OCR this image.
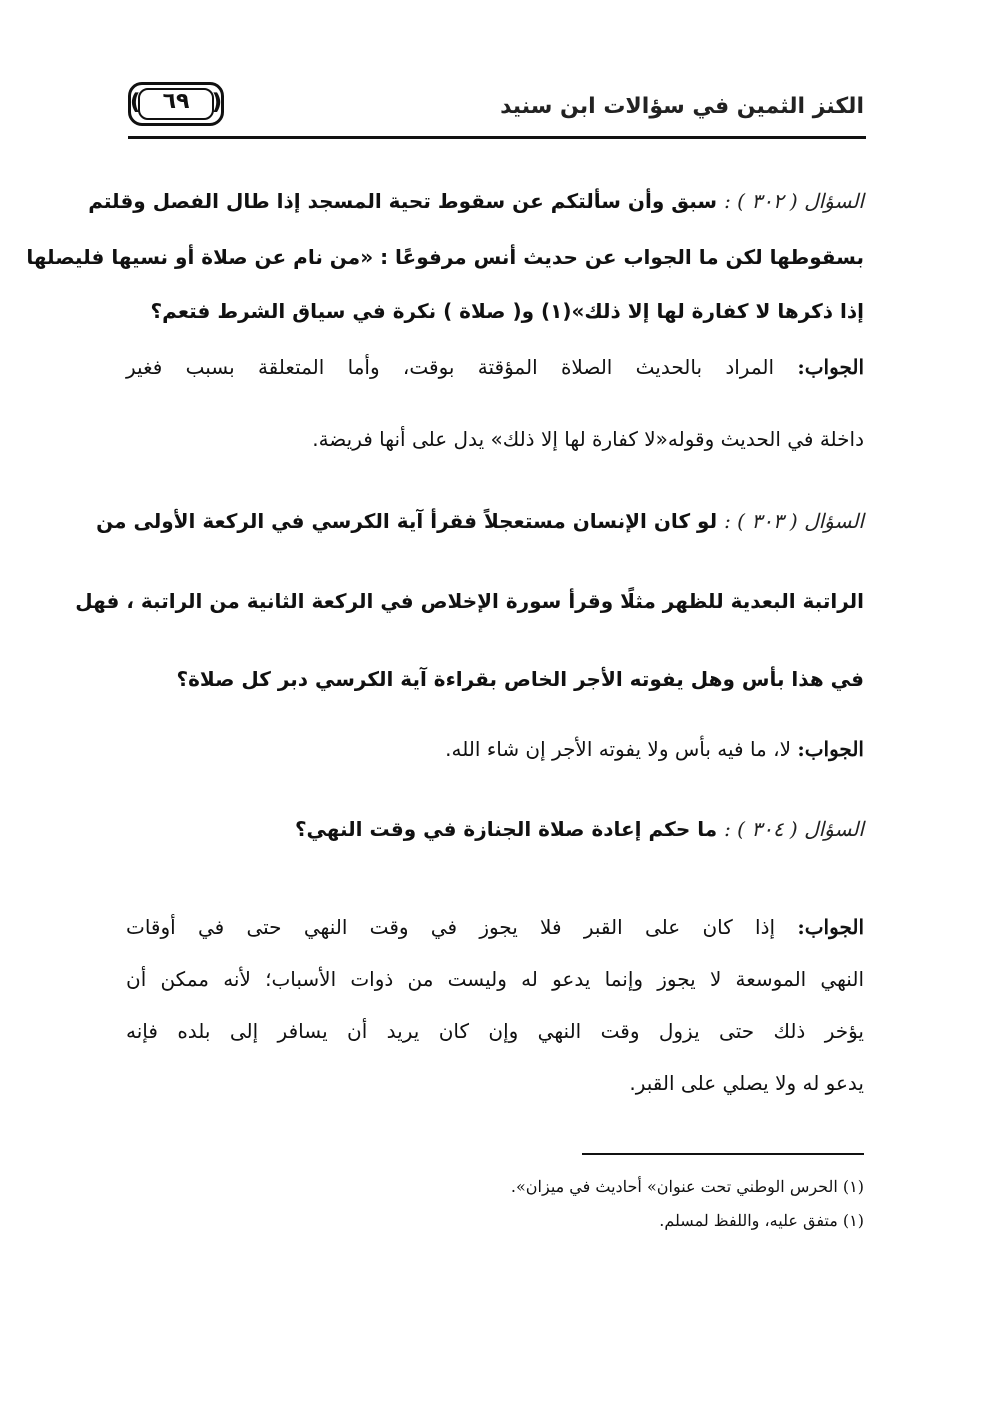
الكنز الثمين في سؤالات ابن سنيد
❪
❫ ٦٩
السؤال ( ٣٠٢ ) : سبق وأن سألتكم عن سقوط تحية المسجد إذا طال الفصل وقلتم
بسقوطها لكن ما الجواب عن حديث أنس مرفوعًا : «من نام عن صلاة أو نسيها فليصلها
إذا ذكرها لا كفارة لها إلا ذلك»(١) و( صلاة ) نكرة في سياق الشرط فتعم؟
الجواب: المراد بالحديث الصلاة المؤقتة بوقت، وأما المتعلقة بسبب فغير
داخلة في الحديث وقوله«لا كفارة لها إلا ذلك» يدل على أنها فريضة.
السؤال ( ٣٠٣ ) : لو كان الإنسان مستعجلاً فقرأ آية الكرسي في الركعة الأولى من
الراتبة البعدية للظهر مثلًا وقرأ سورة الإخلاص في الركعة الثانية من الراتبة ، فهل
في هذا بأس وهل يفوته الأجر الخاص بقراءة آية الكرسي دبر كل صلاة؟
الجواب: لا، ما فيه بأس ولا يفوته الأجر إن شاء الله.
السؤال ( ٣٠٤ ) : ما حكم إعادة صلاة الجنازة في وقت النهي؟
الجواب: إذا كان على القبر فلا يجوز في وقت النهي حتى في أوقات
النهي الموسعة لا يجوز وإنما يدعو له وليست من ذوات الأسباب؛ لأنه ممكن أن
يؤخر ذلك حتى يزول وقت النهي وإن كان يريد أن يسافر إلى بلده فإنه
يدعو له ولا يصلي على القبر.
(١) الحرس الوطني تحت عنوان» أحاديث في ميزان».
(١) متفق عليه، واللفظ لمسلم.
